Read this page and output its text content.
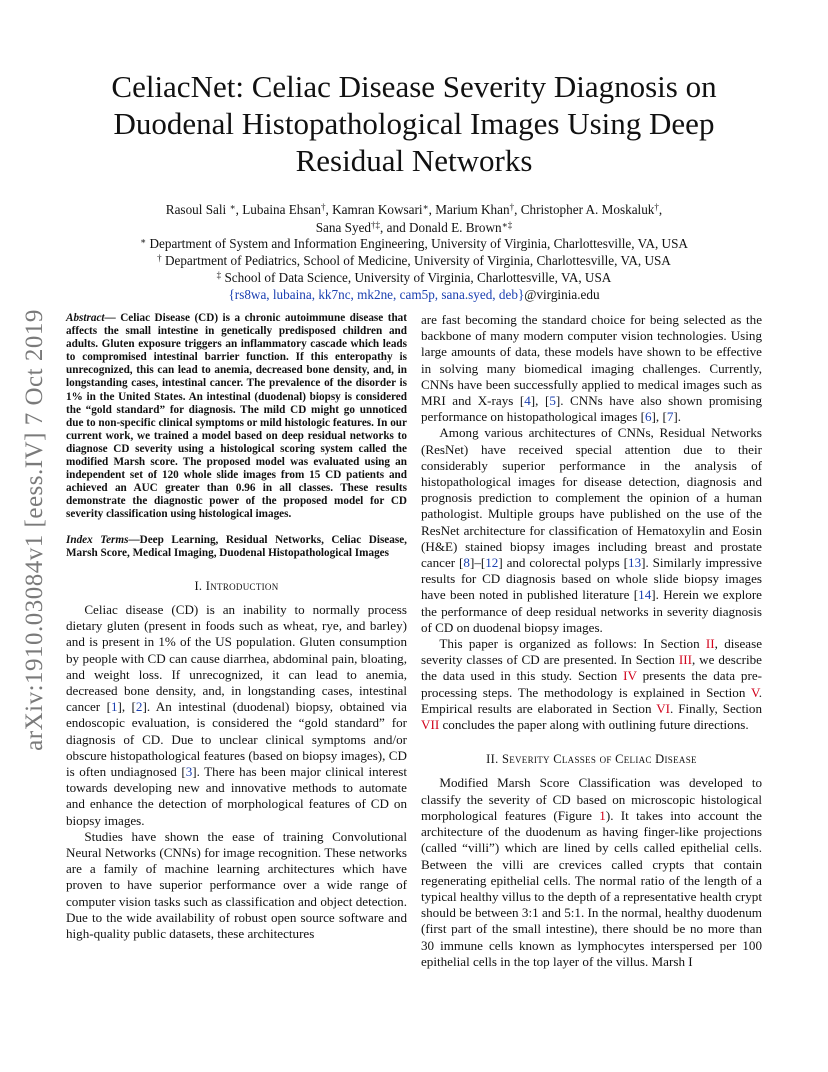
arXiv:1910.03084v1 [eess.IV] 7 Oct 2019
CeliacNet: Celiac Disease Severity Diagnosis on Duodenal Histopathological Images Using Deep Residual Networks
Rasoul Sali ∗, Lubaina Ehsan†, Kamran Kowsari∗, Marium Khan†, Christopher A. Moskaluk†,
Sana Syed†‡, and Donald E. Brown∗‡
∗ Department of System and Information Engineering, University of Virginia, Charlottesville, VA, USA
† Department of Pediatrics, School of Medicine, University of Virginia, Charlottesville, VA, USA
‡ School of Data Science, University of Virginia, Charlottesville, VA, USA
{rs8wa, lubaina, kk7nc, mk2ne, cam5p, sana.syed, deb}@virginia.edu
Abstract— Celiac Disease (CD) is a chronic autoimmune disease that affects the small intestine in genetically predisposed children and adults. Gluten exposure triggers an inflammatory cascade which leads to compromised intestinal barrier function. If this enteropathy is unrecognized, this can lead to anemia, decreased bone density, and, in longstanding cases, intestinal cancer. The prevalence of the disorder is 1% in the United States. An intestinal (duodenal) biopsy is considered the “gold standard” for diagnosis. The mild CD might go unnoticed due to non-specific clinical symptoms or mild histologic features. In our current work, we trained a model based on deep residual networks to diagnose CD severity using a histological scoring system called the modified Marsh score. The proposed model was evaluated using an independent set of 120 whole slide images from 15 CD patients and achieved an AUC greater than 0.96 in all classes. These results demonstrate the diagnostic power of the proposed model for CD severity classification using histological images.
Index Terms—Deep Learning, Residual Networks, Celiac Disease, Marsh Score, Medical Imaging, Duodenal Histopathological Images
I. Introduction

Celiac disease (CD) is an inability to normally process dietary gluten (present in foods such as wheat, rye, and barley) and is present in 1% of the US population. Gluten consumption by people with CD can cause diarrhea, abdominal pain, bloating, and weight loss. If unrecognized, it can lead to anemia, decreased bone density, and, in longstanding cases, intestinal cancer [1], [2]. An intestinal (duodenal) biopsy, obtained via endoscopic evaluation, is considered the “gold standard” for diagnosis of CD. Due to unclear clinical symptoms and/or obscure histopathological features (based on biopsy images), CD is often undiagnosed [3]. There has been major clinical interest towards developing new and innovative methods to automate and enhance the detection of morphological features of CD on biopsy images.

Studies have shown the ease of training Convolutional Neural Networks (CNNs) for image recognition. These networks are a family of machine learning architectures which have proven to have superior performance over a wide range of computer vision tasks such as classification and object detection. Due to the wide availability of robust open source software and high-quality public datasets, these architectures

are fast becoming the standard choice for being selected as the backbone of many modern computer vision technologies. Using large amounts of data, these models have shown to be effective in solving many biomedical imaging challenges. Currently, CNNs have been successfully applied to medical images such as MRI and X-rays [4], [5]. CNNs have also shown promising performance on histopathological images [6], [7].

Among various architectures of CNNs, Residual Networks (ResNet) have received special attention due to their considerably superior performance in the analysis of histopathological images for disease detection, diagnosis and prognosis prediction to complement the opinion of a human pathologist. Multiple groups have published on the use of the ResNet architecture for classification of Hematoxylin and Eosin (H&E) stained biopsy images including breast and prostate cancer [8]–[12] and colorectal polyps [13]. Similarly impressive results for CD diagnosis based on whole slide biopsy images have been noted in published literature [14]. Herein we explore the performance of deep residual networks in severity diagnosis of CD on duodenal biopsy images.

This paper is organized as follows: In Section II, disease severity classes of CD are presented. In Section III, we describe the data used in this study. Section IV presents the data pre-processing steps. The methodology is explained in Section V. Empirical results are elaborated in Section VI. Finally, Section VII concludes the paper along with outlining future directions.

II. Severity Classes of Celiac Disease

Modified Marsh Score Classification was developed to classify the severity of CD based on microscopic histological morphological features (Figure 1). It takes into account the architecture of the duodenum as having finger-like projections (called “villi”) which are lined by cells called epithelial cells. Between the villi are crevices called crypts that contain regenerating epithelial cells. The normal ratio of the length of a typical healthy villus to the depth of a representative health crypt should be between 3:1 and 5:1. In the normal, healthy duodenum (first part of the small intestine), there should be no more than 30 immune cells known as lymphocytes interspersed per 100 epithelial cells in the top layer of the villus. Marsh I
